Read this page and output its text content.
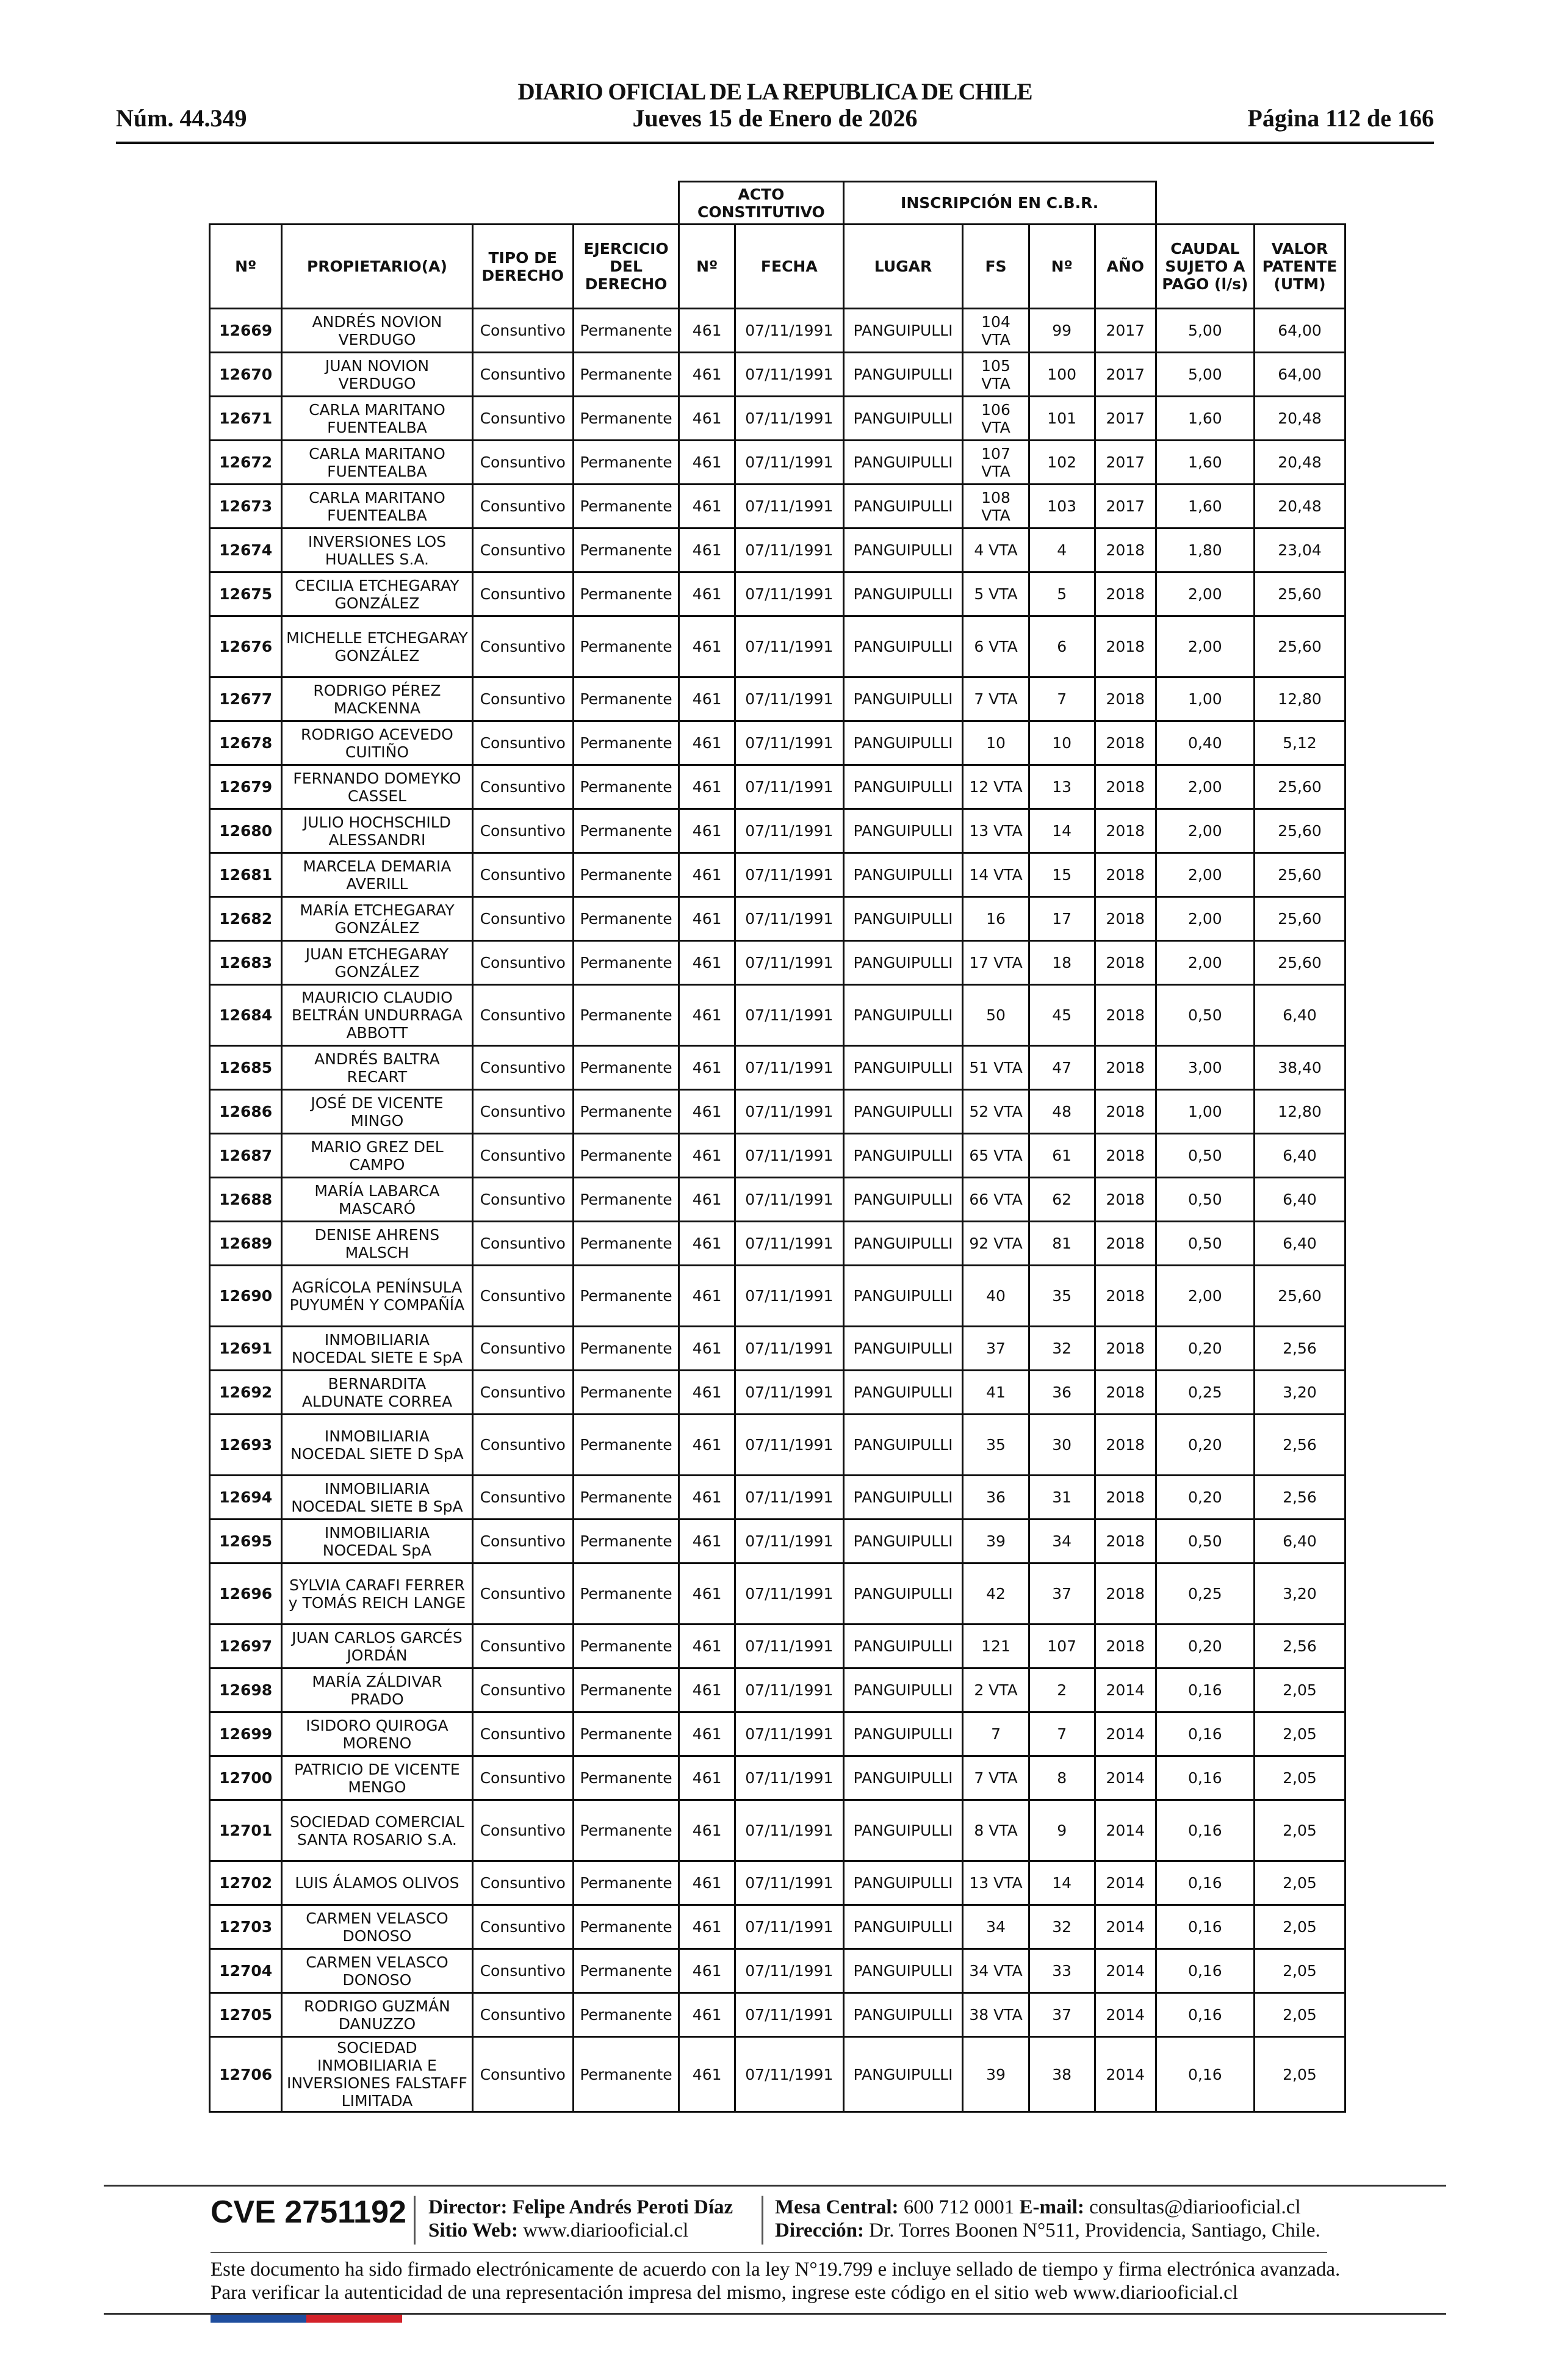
DIARIO OFICIAL DE LA REPUBLICA DE CHILE
Núm. 44.349	Jueves 15 de Enero de 2026	Página 112 de 166
				ACTO CONSTITUTIVO		INSCRIPCIÓN EN C.B.R.					
Nº	PROPIETARIO(A)	TIPO DE DERECHO	EJERCICIO DEL DERECHO	Nº	FECHA	LUGAR	FS	Nº	AÑO	CAUDAL SUJETO A PAGO (l/s)	VALOR PATENTE (UTM)
12669	ANDRÉS NOVION VERDUGO	Consuntivo	Permanente	461	07/11/1991	PANGUIPULLI	104 VTA	99	2017	5,00	64,00
12670	JUAN NOVION VERDUGO	Consuntivo	Permanente	461	07/11/1991	PANGUIPULLI	105 VTA	100	2017	5,00	64,00
12671	CARLA MARITANO FUENTEALBA	Consuntivo	Permanente	461	07/11/1991	PANGUIPULLI	106 VTA	101	2017	1,60	20,48
12672	CARLA MARITANO FUENTEALBA	Consuntivo	Permanente	461	07/11/1991	PANGUIPULLI	107 VTA	102	2017	1,60	20,48
12673	CARLA MARITANO FUENTEALBA	Consuntivo	Permanente	461	07/11/1991	PANGUIPULLI	108 VTA	103	2017	1,60	20,48
12674	INVERSIONES LOS HUALLES S.A.	Consuntivo	Permanente	461	07/11/1991	PANGUIPULLI	4 VTA	4	2018	1,80	23,04
12675	CECILIA ETCHEGARAY GONZÁLEZ	Consuntivo	Permanente	461	07/11/1991	PANGUIPULLI	5 VTA	5	2018	2,00	25,60
12676	MICHELLE ETCHEGARAY GONZÁLEZ	Consuntivo	Permanente	461	07/11/1991	PANGUIPULLI	6 VTA	6	2018	2,00	25,60
12677	RODRIGO PÉREZ MACKENNA	Consuntivo	Permanente	461	07/11/1991	PANGUIPULLI	7 VTA	7	2018	1,00	12,80
12678	RODRIGO ACEVEDO CUITIÑO	Consuntivo	Permanente	461	07/11/1991	PANGUIPULLI	10	10	2018	0,40	5,12
12679	FERNANDO DOMEYKO CASSEL	Consuntivo	Permanente	461	07/11/1991	PANGUIPULLI	12 VTA	13	2018	2,00	25,60
12680	JULIO HOCHSCHILD ALESSANDRI	Consuntivo	Permanente	461	07/11/1991	PANGUIPULLI	13 VTA	14	2018	2,00	25,60
12681	MARCELA DEMARIA AVERILL	Consuntivo	Permanente	461	07/11/1991	PANGUIPULLI	14 VTA	15	2018	2,00	25,60
12682	MARÍA ETCHEGARAY GONZÁLEZ	Consuntivo	Permanente	461	07/11/1991	PANGUIPULLI	16	17	2018	2,00	25,60
12683	JUAN ETCHEGARAY GONZÁLEZ	Consuntivo	Permanente	461	07/11/1991	PANGUIPULLI	17 VTA	18	2018	2,00	25,60
12684	MAURICIO CLAUDIO BELTRÁN UNDURRAGA ABBOTT	Consuntivo	Permanente	461	07/11/1991	PANGUIPULLI	50	45	2018	0,50	6,40
12685	ANDRÉS BALTRA RECART	Consuntivo	Permanente	461	07/11/1991	PANGUIPULLI	51 VTA	47	2018	3,00	38,40
12686	JOSÉ DE VICENTE MINGO	Consuntivo	Permanente	461	07/11/1991	PANGUIPULLI	52 VTA	48	2018	1,00	12,80
12687	MARIO GREZ DEL CAMPO	Consuntivo	Permanente	461	07/11/1991	PANGUIPULLI	65 VTA	61	2018	0,50	6,40
12688	MARÍA LABARCA MASCARÓ	Consuntivo	Permanente	461	07/11/1991	PANGUIPULLI	66 VTA	62	2018	0,50	6,40
12689	DENISE AHRENS MALSCH	Consuntivo	Permanente	461	07/11/1991	PANGUIPULLI	92 VTA	81	2018	0,50	6,40
12690	AGRÍCOLA PENÍNSULA PUYUMÉN Y COMPAÑÍA	Consuntivo	Permanente	461	07/11/1991	PANGUIPULLI	40	35	2018	2,00	25,60
12691	INMOBILIARIA NOCEDAL SIETE E SpA	Consuntivo	Permanente	461	07/11/1991	PANGUIPULLI	37	32	2018	0,20	2,56
12692	BERNARDITA ALDUNATE CORREA	Consuntivo	Permanente	461	07/11/1991	PANGUIPULLI	41	36	2018	0,25	3,20
12693	INMOBILIARIA NOCEDAL SIETE D SpA	Consuntivo	Permanente	461	07/11/1991	PANGUIPULLI	35	30	2018	0,20	2,56
12694	INMOBILIARIA NOCEDAL SIETE B SpA	Consuntivo	Permanente	461	07/11/1991	PANGUIPULLI	36	31	2018	0,20	2,56
12695	INMOBILIARIA NOCEDAL SpA	Consuntivo	Permanente	461	07/11/1991	PANGUIPULLI	39	34	2018	0,50	6,40
12696	SYLVIA CARAFI FERRER y TOMÁS REICH LANGE	Consuntivo	Permanente	461	07/11/1991	PANGUIPULLI	42	37	2018	0,25	3,20
12697	JUAN CARLOS GARCÉS JORDÁN	Consuntivo	Permanente	461	07/11/1991	PANGUIPULLI	121	107	2018	0,20	2,56
12698	MARÍA ZÁLDIVAR PRADO	Consuntivo	Permanente	461	07/11/1991	PANGUIPULLI	2 VTA	2	2014	0,16	2,05
12699	ISIDORO QUIROGA MORENO	Consuntivo	Permanente	461	07/11/1991	PANGUIPULLI	7	7	2014	0,16	2,05
12700	PATRICIO DE VICENTE MENGO	Consuntivo	Permanente	461	07/11/1991	PANGUIPULLI	7 VTA	8	2014	0,16	2,05
12701	SOCIEDAD COMERCIAL SANTA ROSARIO S.A.	Consuntivo	Permanente	461	07/11/1991	PANGUIPULLI	8 VTA	9	2014	0,16	2,05
12702	LUIS ÁLAMOS OLIVOS	Consuntivo	Permanente	461	07/11/1991	PANGUIPULLI	13 VTA	14	2014	0,16	2,05
12703	CARMEN VELASCO DONOSO	Consuntivo	Permanente	461	07/11/1991	PANGUIPULLI	34	32	2014	0,16	2,05
12704	CARMEN VELASCO DONOSO	Consuntivo	Permanente	461	07/11/1991	PANGUIPULLI	34 VTA	33	2014	0,16	2,05
12705	RODRIGO GUZMÁN DANUZZO	Consuntivo	Permanente	461	07/11/1991	PANGUIPULLI	38 VTA	37	2014	0,16	2,05
12706	SOCIEDAD INMOBILIARIA E INVERSIONES FALSTAFF LIMITADA	Consuntivo	Permanente	461	07/11/1991	PANGUIPULLI	39	38	2014	0,16	2,05
CVE 2751192 Director: Felipe Andrés Peroti Díaz
Sitio Web: www.diariooficial.cl
Mesa Central: 600 712 0001 E-mail: consultas@diariooficial.cl
Dirección: Dr. Torres Boonen N°511, Providencia, Santiago, Chile.
Este documento ha sido firmado electrónicamente de acuerdo con la ley N°19.799 e incluye sellado de tiempo y firma electrónica avanzada. Para verificar la autenticidad de una representación impresa del mismo, ingrese este código en el sitio web www.diariooficial.cl
